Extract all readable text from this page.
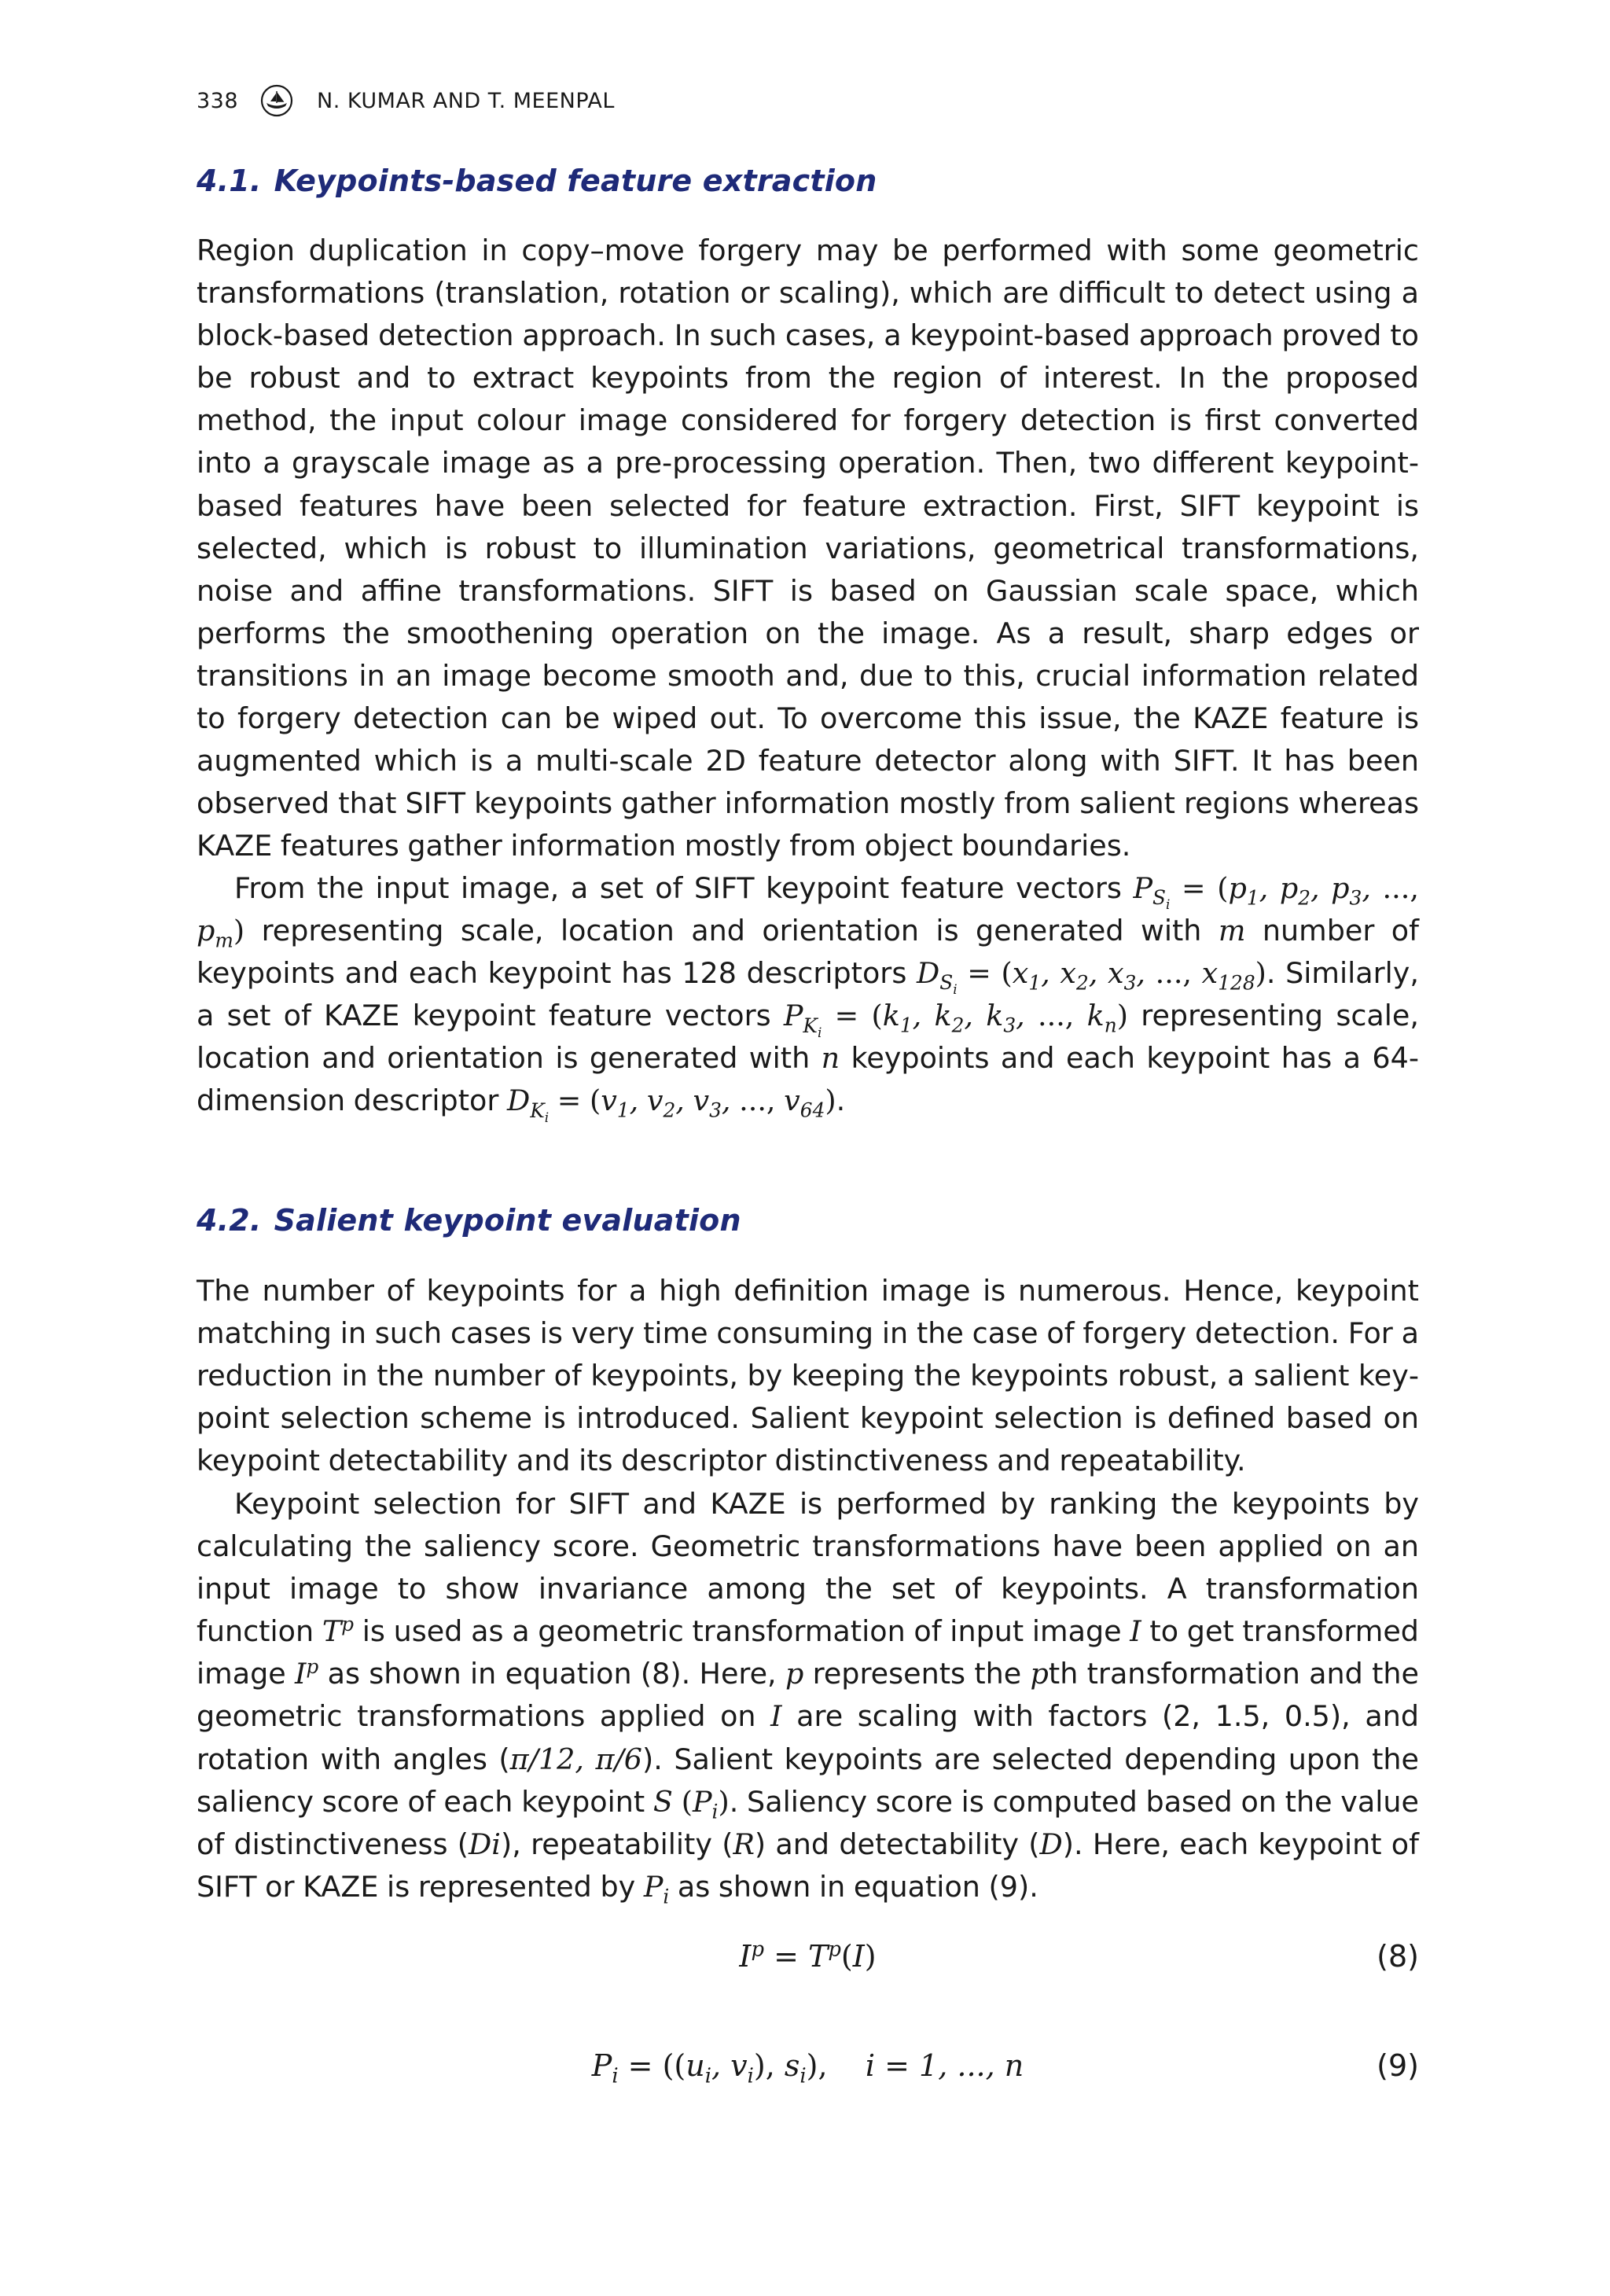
338	N. KUMAR AND T. MEENPAL
4.1. Keypoints-based feature extraction

Region duplication in copy–move forgery may be performed with some geometric transformations (translation, rotation or scaling), which are difficult to detect using a block-based detection approach. In such cases, a keypoint-based approach proved to be robust and to extract keypoints from the region of interest. In the proposed method, the input colour image considered for forgery detection is first converted into a grayscale image as a pre-processing operation. Then, two different keypoint-based features have been selected for feature extraction. First, SIFT keypoint is selected, which is robust to illumination variations, geometrical transformations, noise and affine transformations. SIFT is based on Gaussian scale space, which performs the smoothening operation on the image. As a result, sharp edges or transitions in an image become smooth and, due to this, crucial information related to forgery detection can be wiped out. To overcome this issue, the KAZE feature is augmented which is a multi-scale 2D feature detector along with SIFT. It has been observed that SIFT keypoints gather information mostly from salient regions whereas KAZE features gather information mostly from object boundaries.

From the input image, a set of SIFT keypoint feature vectors $P_{S_i} = (p_1$, $p_2$, $p_3$, ..., $p_m$) representing scale, location and orientation is generated with m number of keypoints and each keypoint has 128 descriptors $D_{S_i} = (x_1$, $x_2$, $x_3$, ..., $x_{128}$). Similarly, a set of KAZE keypoint feature vectors $P_{K_i} = (k_1$, $k_2$, $k_3$, ..., $k_n$) representing scale, location and orientation is generated with n keypoints and each keypoint has a 64-dimension descriptor $D_{K_i} = (v_1$, $v_2$, $v_3$, ..., $v_{64}$).

4.2. Salient keypoint evaluation

The number of keypoints for a high definition image is numerous. Hence, keypoint matching in such cases is very time consuming in the case of forgery detection. For a reduction in the number of keypoints, by keeping the keypoints robust, a salient keypoint selection scheme is introduced. Salient keypoint selection is defined based on keypoint detectability and its descriptor distinctiveness and repeatability.

Keypoint selection for SIFT and KAZE is performed by ranking the keypoints by calculating the saliency score. Geometric transformations have been applied on an input image to show invariance among the set of keypoints. A transformation function $T^p$ is used as a geometric transformation of input image I to get transformed image $I^p$ as shown in equation (8). Here, p represents the pth transformation and the geometric transformations applied on I are scaling with factors (2, 1.5, 0.5), and rotation with angles (π/12, π/6). Salient keypoints are selected depending upon the saliency score of each keypoint S $(P_i)$. Saliency score is computed based on the value of distinctiveness (Di), repeatability (R) and detectability (D). Here, each keypoint of SIFT or KAZE is represented by $P_i$ as shown in equation (9).

$I^p = T^p(I)$	(8)
$P_i = ((u_i$, $v_i$), $s_i$), i = 1, ..., n	(9)
